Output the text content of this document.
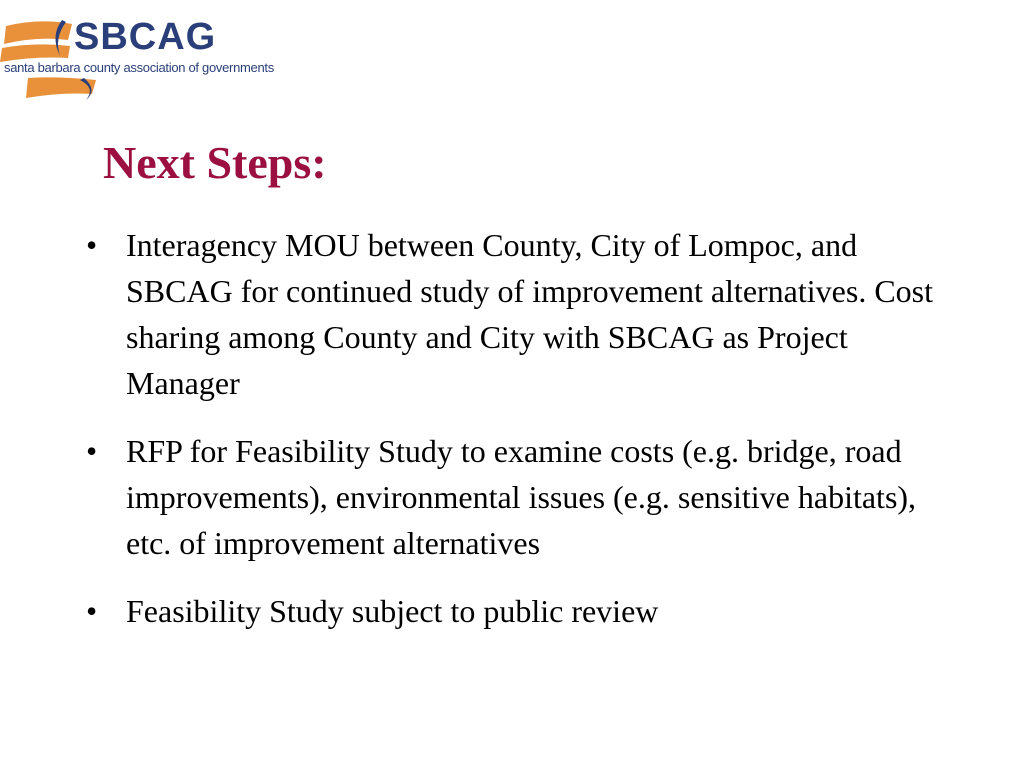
SBCAG
santa barbara county association of governments
Next Steps:
• Interagency MOU between County, City of Lompoc, and SBCAG for continued study of improvement alternatives. Cost sharing among County and City with SBCAG as Project Manager
• RFP for Feasibility Study to examine costs (e.g. bridge, road improvements), environmental issues (e.g. sensitive habitats), etc. of improvement alternatives
• Feasibility Study subject to public review
